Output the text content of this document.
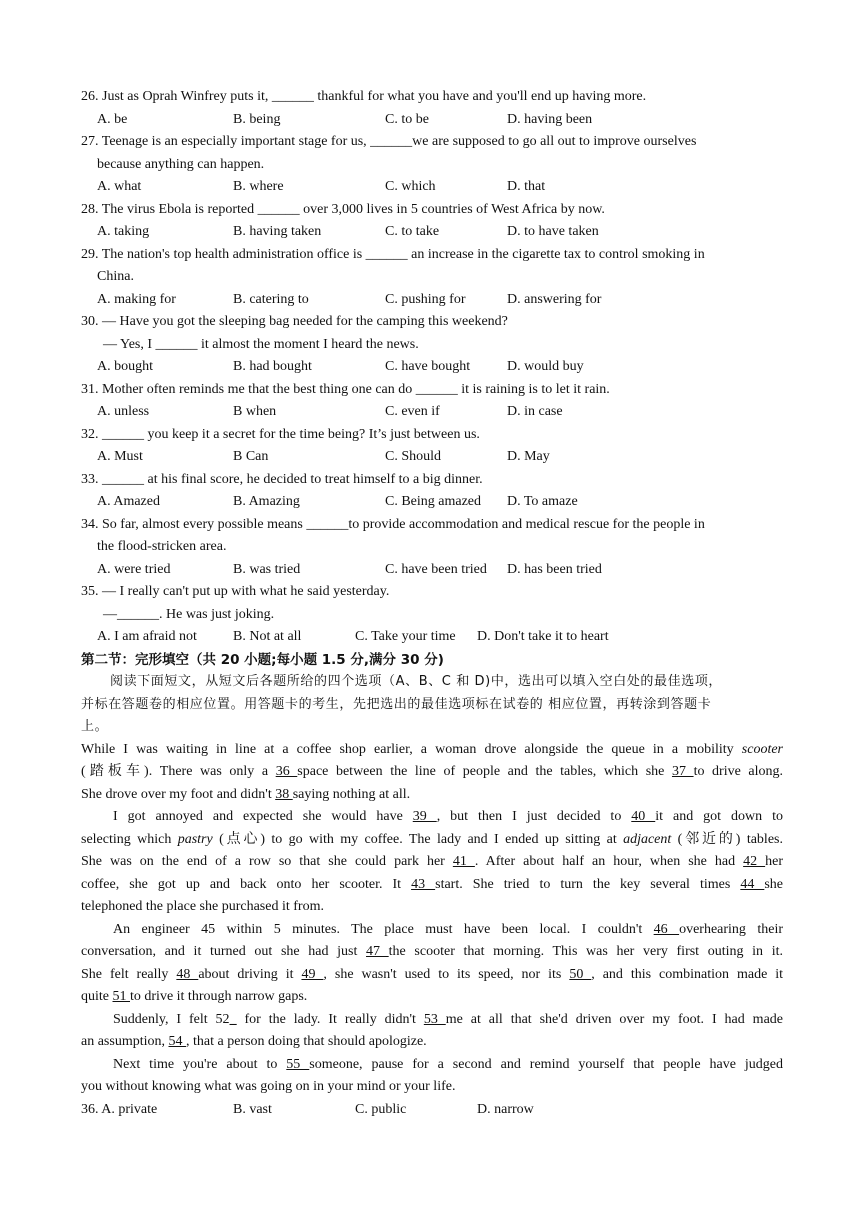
26. Just as Oprah Winfrey puts it, ______ thankful for what you have and you'll end up having more.
A. be	B. being	C. to be	D. having been
27. Teenage is an especially important stage for us, ______we are supposed to go all out to improve ourselves
because anything can happen.
A. what	B. where	C. which	D. that
28. The virus Ebola is reported ______ over 3,000 lives in 5 countries of West Africa by now.
A. taking	B. having taken	C. to take	D. to have taken
29. The nation's top health administration office is ______ an increase in the cigarette tax to control smoking in
China.
A. making for	B. catering to	C. pushing for	D. answering for
30. — Have you got the sleeping bag needed for the camping this weekend?
— Yes, I ______ it almost the moment I heard the news.
A. bought	B. had bought	C. have bought	D. would buy
31. Mother often reminds me that the best thing one can do ______ it is raining is to let it rain.
A. unless	B when	C. even if	D. in case
32. ______ you keep it a secret for the time being? It’s just between us.
A. Must	B Can	C. Should	D. May
33. ______ at his final score, he decided to treat himself to a big dinner.
A. Amazed	B. Amazing	C. Being amazed D. To amaze
34. So far, almost every possible means ______to provide accommodation and medical rescue for the people in
the flood-stricken area.
A. were tried	B. was tried	C. have been tried D. has been tried
35. — I really can't put up with what he said yesterday.
—______. He was just joking.
A. I am afraid not	B. Not at all	C. Take your time D. Don't take it to heart
第二节：完形填空（共 20 小题;每小题 1.5 分,满分 30 分)
阅读下面短文，从短文后各题所给的四个选项（A、B、C 和 D)中，选出可以填入空白处的最佳选项，
并标在答题卷的相应位置。用答题卡的考生，先把选出的最佳选项标在试卷的 相应位置，再转涂到答题卡
上。
While I was waiting in line at a coffee shop earlier, a woman drove alongside the queue in a mobility scooter
(踏板车). There was only a 36 space between the line of people and the tables, which she 37 to drive along.
She drove over my foot and didn't 38 saying nothing at all.
I got annoyed and expected she would have 39 , but then I just decided to 40 it and got down to
selecting which pastry (点心) to go with my coffee. The lady and I ended up sitting at adjacent (邻近的) tables.
She was on the end of a row so that she could park her 41 . After about half an hour, when she had 42 her
coffee, she got up and back onto her scooter. It 43 start. She tried to turn the key several times 44 she
telephoned the place she purchased it from.
An engineer 45 within 5 minutes. The place must have been local. I couldn't 46 overhearing their
conversation, and it turned out she had just 47 the scooter that morning. This was her very first outing in it.
She felt really 48 about driving it 49 , she wasn't used to its speed, nor its 50 , and this combination made it
quite 51 to drive it through narrow gaps.
Suddenly, I felt 52_ for the lady. It really didn't 53 me at all that she'd driven over my foot. I had made
an assumption, 54 , that a person doing that should apologize.
Next time you're about to 55 someone, pause for a second and remind yourself that people have judged
you without knowing what was going on in your mind or your life.
36. A. private	B. vast	C. public	D. narrow
